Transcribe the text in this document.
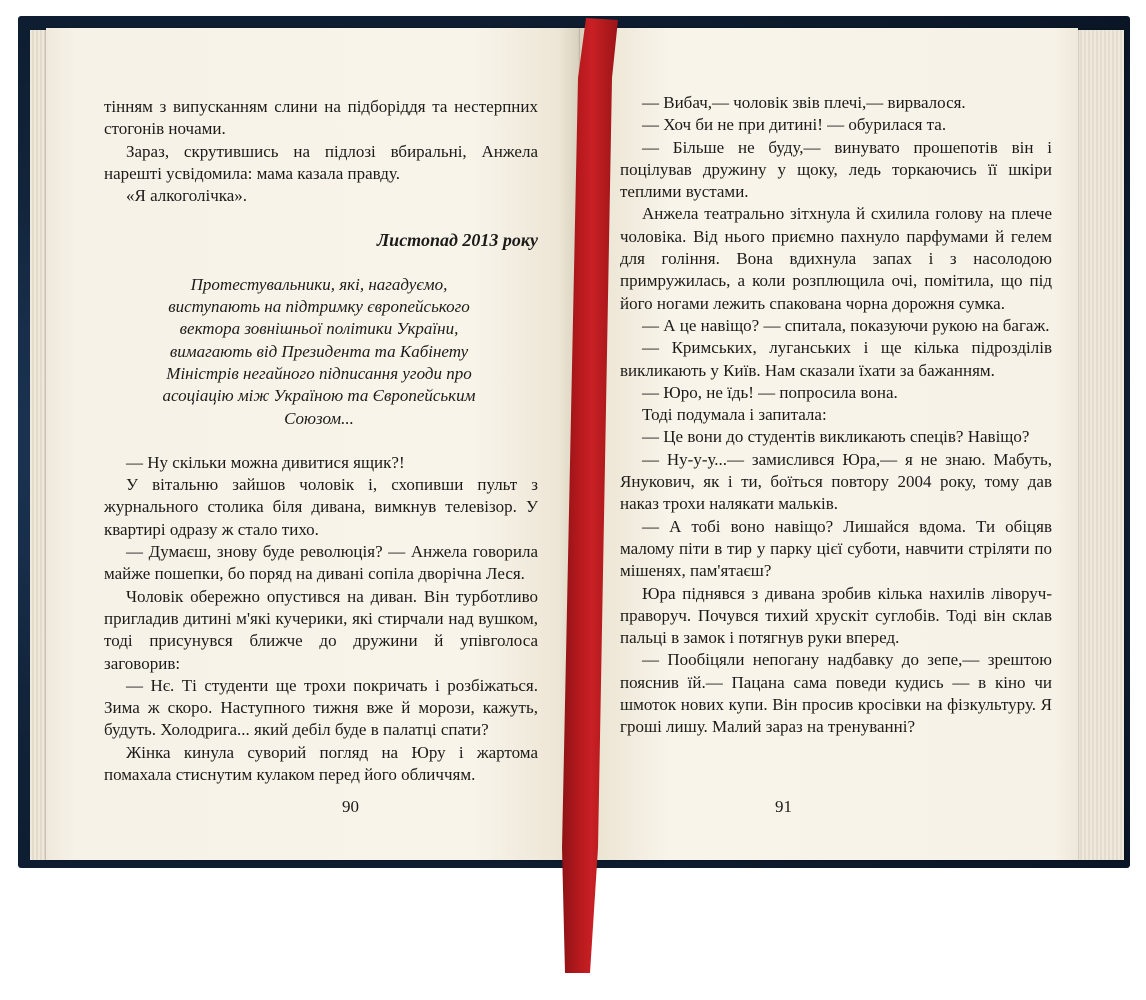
тінням з випусканням слини на підборіддя та нестерпних стогонів ночами.

Зараз, скрутившись на підлозі вбиральні, Анжела нарешті усвідомила: мама казала правду.

«Я алкоголічка».

Листопад 2013 року

Протестувальники, які, нагадуємо, виступають на підтримку європейського вектора зовнішньої політики України, вимагають від Президента та Кабінету Міністрів негайного підписання угоди про асоціацію між Україною та Європейським Союзом...

— Ну скільки можна дивитися ящик?!

У вітальню зайшов чоловік і, схопивши пульт з журнального столика біля дивана, вимкнув телевізор. У квартирі одразу ж стало тихо.

— Думаєш, знову буде революція? — Анжела говорила майже пошепки, бо поряд на дивані сопіла дворічна Леся.

Чоловік обережно опустився на диван. Він турботливо пригладив дитині м'які кучерики, які стирчали над вушком, тоді присунувся ближче до дружини й упівголоса заговорив:

— Нє. Ті студенти ще трохи покричать і розбіжаться. Зима ж скоро. Наступного тижня вже й морози, кажуть, будуть. Холодрига... який дебіл буде в палатці спати?

Жінка кинула суворий погляд на Юру і жартома помахала стиснутим кулаком перед його обличчям.

90

— Вибач,— чоловік звів плечі,— вирвалося.

— Хоч би не при дитині! — обурилася та.

— Більше не буду,— винувато прошепотів він і поцілував дружину у щоку, ледь торкаючись її шкіри теплими вустами.

Анжела театрально зітхнула й схилила голову на плече чоловіка. Від нього приємно пахнуло парфумами й гелем для гоління. Вона вдихнула запах і з насолодою примружилась, а коли розплющила очі, помітила, що під його ногами лежить спакована чорна дорожня сумка.

— А це навіщо? — спитала, показуючи рукою на багаж.

— Кримських, луганських і ще кілька підрозділів викликають у Київ. Нам сказали їхати за бажанням.

— Юро, не їдь! — попросила вона.

Тоді подумала і запитала:

— Це вони до студентів викликають спеців? Навіщо?

— Ну-у-у...— замислився Юра,— я не знаю. Мабуть, Янукович, як і ти, боїться повтору 2004 року, тому дав наказ трохи налякати мальків.

— А тобі воно навіщо? Лишайся вдома. Ти обіцяв малому піти в тир у парку цієї суботи, навчити стріляти по мішенях, пам'ятаєш?

Юра піднявся з дивана зробив кілька нахилів ліворуч-праворуч. Почувся тихий хрускіт суглобів. Тоді він склав пальці в замок і потягнув руки вперед.

— Пообіцяли непогану надбавку до зепе,— зрештою пояснив їй.— Пацана сама поведи кудись — в кіно чи шмоток нових купи. Він просив кросівки на фізкультуру. Я гроші лишу. Малий зараз на тренуванні?

91
